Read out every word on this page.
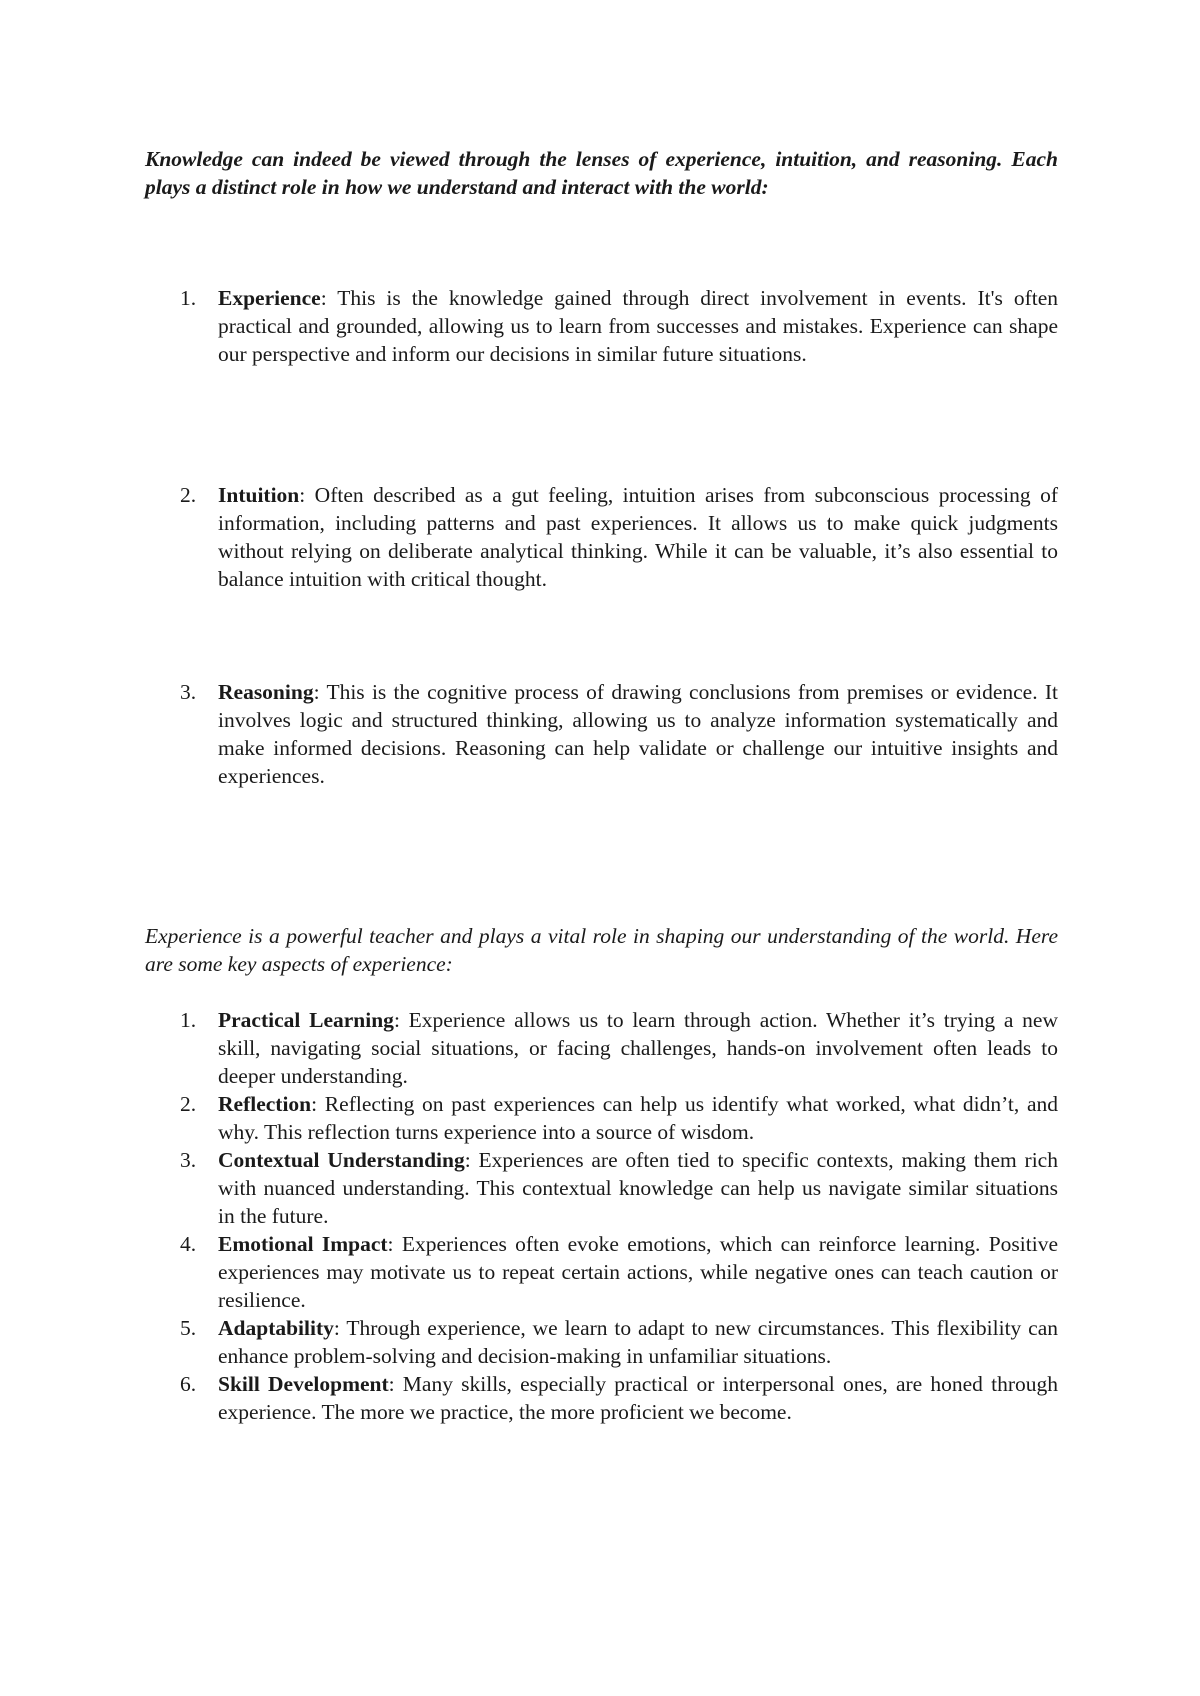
Knowledge can indeed be viewed through the lenses of experience, intuition, and reasoning. Each plays a distinct role in how we understand and interact with the world:

1. Experience: This is the knowledge gained through direct involvement in events. It's often practical and grounded, allowing us to learn from successes and mistakes. Experience can shape our perspective and inform our decisions in similar future situations.
2. Intuition: Often described as a gut feeling, intuition arises from subconscious processing of information, including patterns and past experiences. It allows us to make quick judgments without relying on deliberate analytical thinking. While it can be valuable, it’s also essential to balance intuition with critical thought.
3. Reasoning: This is the cognitive process of drawing conclusions from premises or evidence. It involves logic and structured thinking, allowing us to analyze information systematically and make informed decisions. Reasoning can help validate or challenge our intuitive insights and experiences.

Experience is a powerful teacher and plays a vital role in shaping our understanding of the world. Here are some key aspects of experience:

1. Practical Learning: Experience allows us to learn through action. Whether it’s trying a new skill, navigating social situations, or facing challenges, hands-on involvement often leads to deeper understanding.
2. Reflection: Reflecting on past experiences can help us identify what worked, what didn’t, and why. This reflection turns experience into a source of wisdom.
3. Contextual Understanding: Experiences are often tied to specific contexts, making them rich with nuanced understanding. This contextual knowledge can help us navigate similar situations in the future.
4. Emotional Impact: Experiences often evoke emotions, which can reinforce learning. Positive experiences may motivate us to repeat certain actions, while negative ones can teach caution or resilience.
5. Adaptability: Through experience, we learn to adapt to new circumstances. This flexibility can enhance problem-solving and decision-making in unfamiliar situations.
6. Skill Development: Many skills, especially practical or interpersonal ones, are honed through experience. The more we practice, the more proficient we become.
